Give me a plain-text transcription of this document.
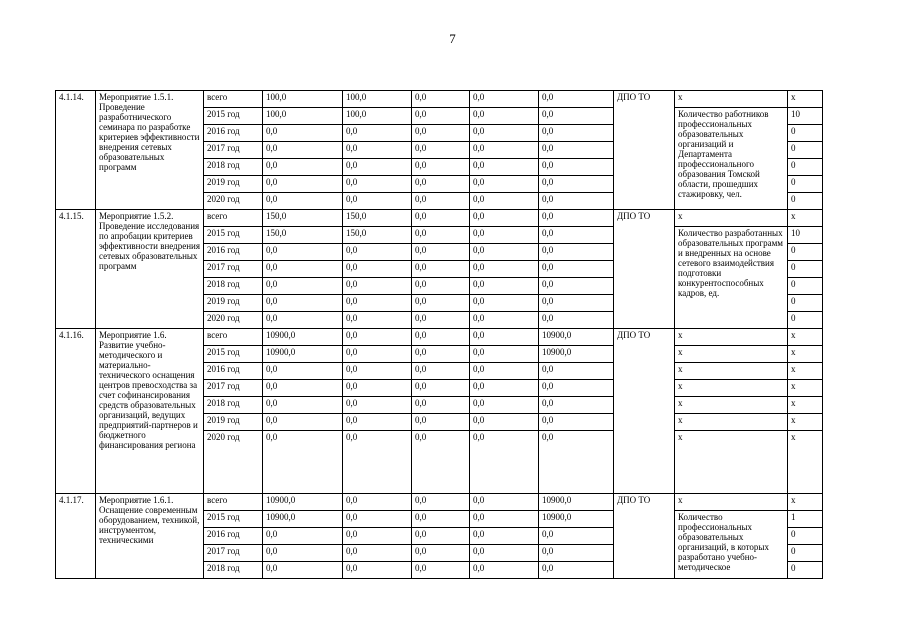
7
4.1.14.	Мероприятие 1.5.1. Проведение разработнического семинара по разработке критериев эффективности внедрения сетевых образовательных программ	всего	100,0	100,0	0,0	0,0	0,0	ДПО ТО	x	x
		2015 год	100,0	100,0	0,0	0,0	0,0		Количество работников профессиональных образовательных организаций и Департамента профессионального образования Томской области, прошедших стажировку, чел.	10
		2016 год	0,0	0,0	0,0	0,0	0,0			0
		2017 год	0,0	0,0	0,0	0,0	0,0			0
		2018 год	0,0	0,0	0,0	0,0	0,0			0
		2019 год	0,0	0,0	0,0	0,0	0,0			0
		2020 год	0,0	0,0	0,0	0,0	0,0			0
4.1.15.	Мероприятие 1.5.2. Проведение исследования по апробации критериев эффективности внедрения сетевых образовательных программ	всего	150,0	150,0	0,0	0,0	0,0	ДПО ТО	x	x
		2015 год	150,0	150,0	0,0	0,0	0,0		Количество разработанных образовательных программ и внедренных на основе сетевого взаимодействия подготовки конкурентоспособных кадров, ед.	10
		2016 год	0,0	0,0	0,0	0,0	0,0			0
		2017 год	0,0	0,0	0,0	0,0	0,0			0
		2018 год	0,0	0,0	0,0	0,0	0,0			0
		2019 год	0,0	0,0	0,0	0,0	0,0			0
		2020 год	0,0	0,0	0,0	0,0	0,0			0
4.1.16.	Мероприятие 1.6. Развитие учебно-методического и материально-технического оснащения центров превосходства за счет софинансирования средств образовательных организаций, ведущих предприятий-партнеров и бюджетного финансирования региона	всего	10900,0	0,0	0,0	0,0	10900,0	ДПО ТО	x	x
		2015 год	10900,0	0,0	0,0	0,0	10900,0		x	x
		2016 год	0,0	0,0	0,0	0,0	0,0		x	x
		2017 год	0,0	0,0	0,0	0,0	0,0		x	x
		2018 год	0,0	0,0	0,0	0,0	0,0		x	x
		2019 год	0,0	0,0	0,0	0,0	0,0		x	x
		2020 год	0,0	0,0	0,0	0,0	0,0		x	x
4.1.17.	Мероприятие 1.6.1. Оснащение современным оборудованием, техникой, инструментом, техническими	всего	10900,0	0,0	0,0	0,0	10900,0	ДПО ТО	x	x
		2015 год	10900,0	0,0	0,0	0,0	10900,0		Количество профессиональных образовательных организаций, в которых разработано учебно-методическое	1
		2016 год	0,0	0,0	0,0	0,0	0,0			0
		2017 год	0,0	0,0	0,0	0,0	0,0			0
		2018 год	0,0	0,0	0,0	0,0	0,0			0
